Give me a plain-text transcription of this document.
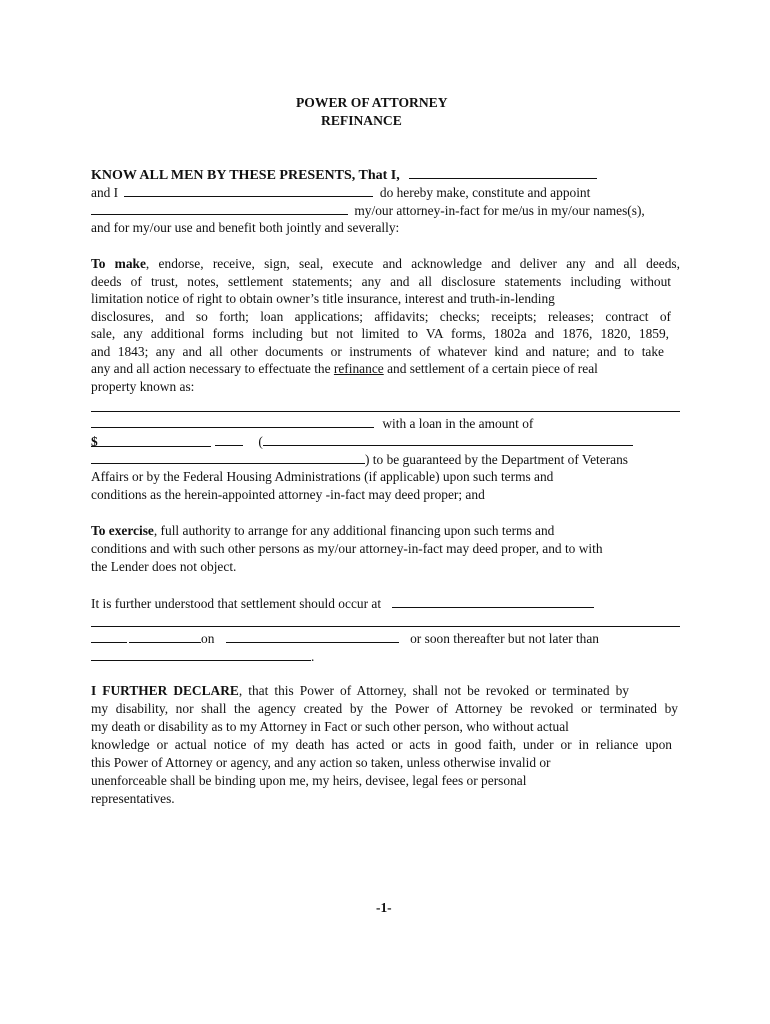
POWER OF ATTORNEY
REFINANCE
KNOW ALL MEN BY THESE PRESENTS, That I,
and I	do hereby make, constitute and appoint
my/our attorney-in-fact for me/us in my/our names(s),
and for my/our use and benefit both jointly and severally:
To make, endorse, receive, sign, seal, execute and acknowledge and deliver any and all deeds,
deeds of trust, notes, settlement statements; any and all disclosure statements including without
limitation notice of right to obtain owner’s title insurance, interest and truth-in-lending
disclosures, and so forth; loan applications; affidavits; checks; receipts; releases; contract of
sale, any additional forms including but not limited to VA forms, 1802a and 1876, 1820, 1859,
and 1843; any and all other documents or instruments of whatever kind and nature; and to take
any and all action necessary to effectuate the refinance and settlement of a certain piece of real
property known as:
with a loan in the amount of
$	(
) to be guaranteed by the Department of Veterans
Affairs or by the Federal Housing Administrations (if applicable) upon such terms and
conditions as the herein-appointed attorney -in-fact may deed proper; and
To exercise, full authority to arrange for any additional financing upon such terms and
conditions and with such other persons as my/our attorney-in-fact may deed proper, and to with
the Lender does not object.
It is further understood that settlement should occur at
on	or soon thereafter but not later than
.
I FURTHER DECLARE, that this Power of Attorney, shall not be revoked or terminated by
my disability, nor shall the agency created by the Power of Attorney be revoked or terminated by
my death or disability as to my Attorney in Fact or such other person, who without actual
knowledge or actual notice of my death has acted or acts in good faith, under or in reliance upon
this Power of Attorney or agency, and any action so taken, unless otherwise invalid or
unenforceable shall be binding upon me, my heirs, devisee, legal fees or personal
representatives.
-1-
